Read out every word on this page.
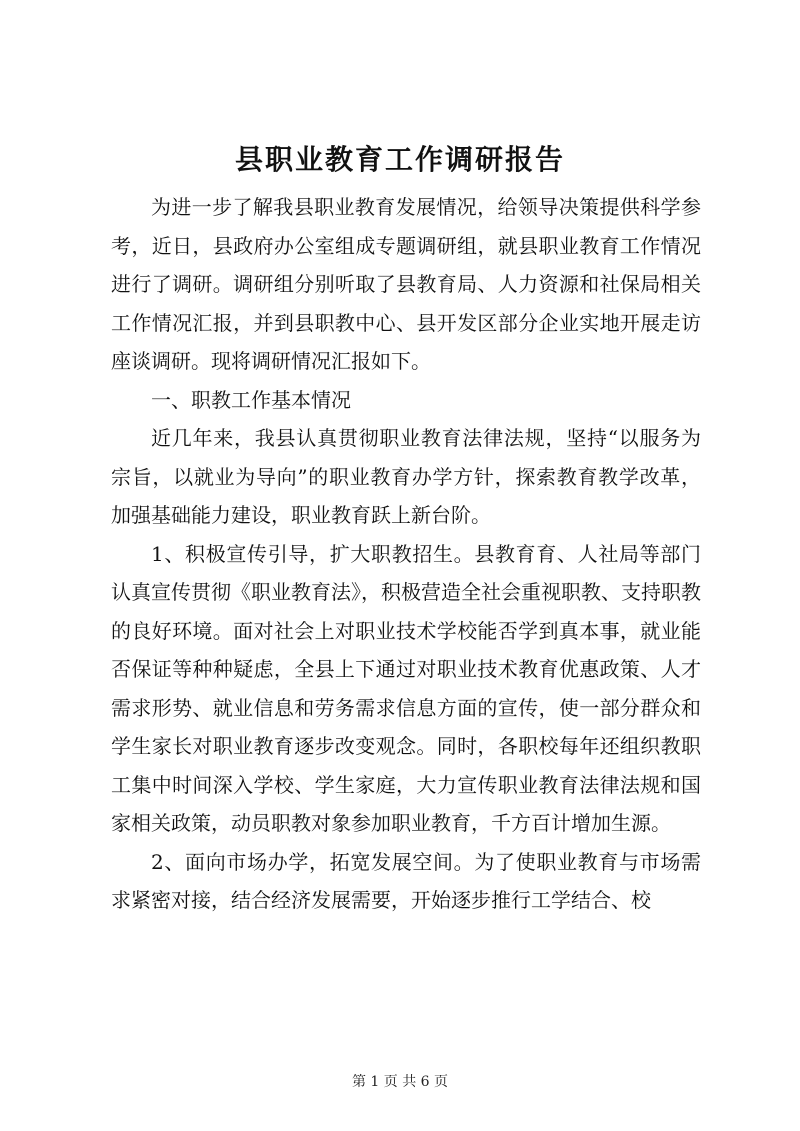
县职业教育工作调研报告

为进一步了解我县职业教育发展情况，给领导决策提供科学参考，近日，县政府办公室组成专题调研组，就县职业教育工作情况进行了调研。调研组分别听取了县教育局、人力资源和社保局相关工作情况汇报，并到县职教中心、县开发区部分企业实地开展走访座谈调研。现将调研情况汇报如下。

一、职教工作基本情况

近几年来，我县认真贯彻职业教育法律法规，坚持“以服务为宗旨，以就业为导向”的职业教育办学方针，探索教育教学改革，加强基础能力建设，职业教育跃上新台阶。

1、积极宣传引导，扩大职教招生。县教育育、人社局等部门认真宣传贯彻《职业教育法》，积极营造全社会重视职教、支持职教的良好环境。面对社会上对职业技术学校能否学到真本事，就业能否保证等种种疑虑，全县上下通过对职业技术教育优惠政策、人才需求形势、就业信息和劳务需求信息方面的宣传，使一部分群众和学生家长对职业教育逐步改变观念。同时，各职校每年还组织教职工集中时间深入学校、学生家庭，大力宣传职业教育法律法规和国家相关政策，动员职教对象参加职业教育，千方百计增加生源。

2、面向市场办学，拓宽发展空间。为了使职业教育与市场需求紧密对接，结合经济发展需要，开始逐步推行工学结合、校

第 1 页 共 6 页
